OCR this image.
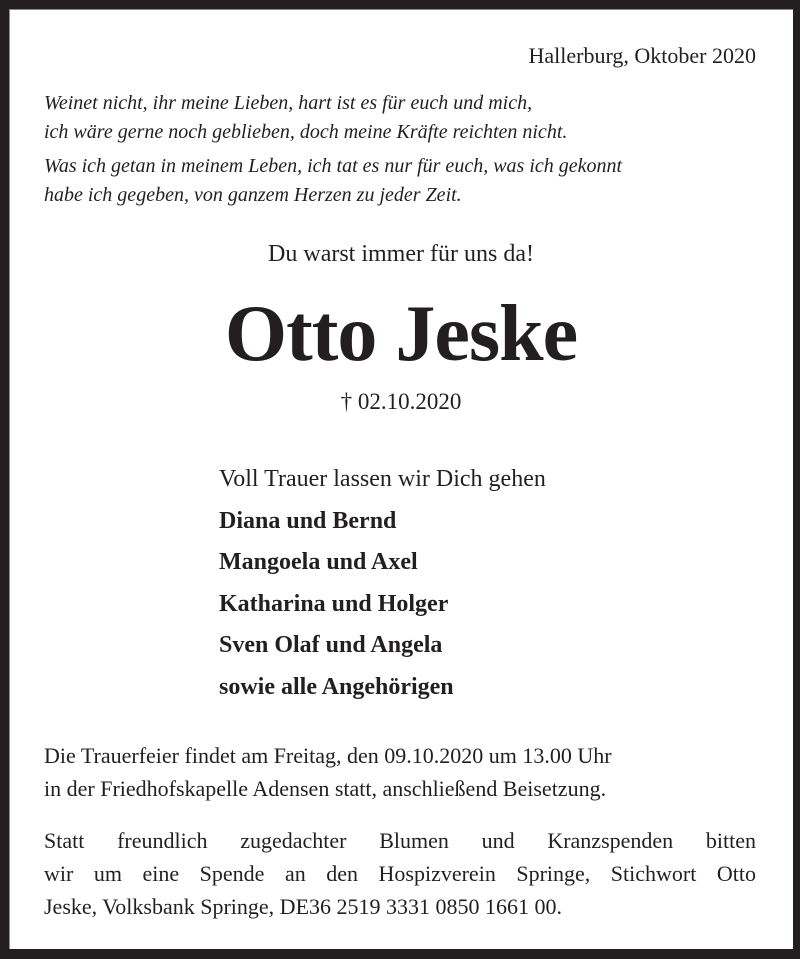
Hallerburg, Oktober 2020
Weinet nicht, ihr meine Lieben, hart ist es für euch und mich,
ich wäre gerne noch geblieben, doch meine Kräfte reichten nicht.
Was ich getan in meinem Leben, ich tat es nur für euch, was ich gekonnt
habe ich gegeben, von ganzem Herzen zu jeder Zeit.
Du warst immer für uns da!
Otto Jeske
† 02.10.2020
Voll Trauer lassen wir Dich gehen
Diana und Bernd
Mangoela und Axel
Katharina und Holger
Sven Olaf und Angela
sowie alle Angehörigen
Die Trauerfeier findet am Freitag, den 09.10.2020 um 13.00 Uhr
in der Friedhofskapelle Adensen statt, anschließend Beisetzung.
Statt freundlich zugedachter Blumen und Kranzspenden bitten
wir um eine Spende an den Hospizverein Springe, Stichwort Otto
Jeske, Volksbank Springe, DE36 2519 3331 0850 1661 00.
